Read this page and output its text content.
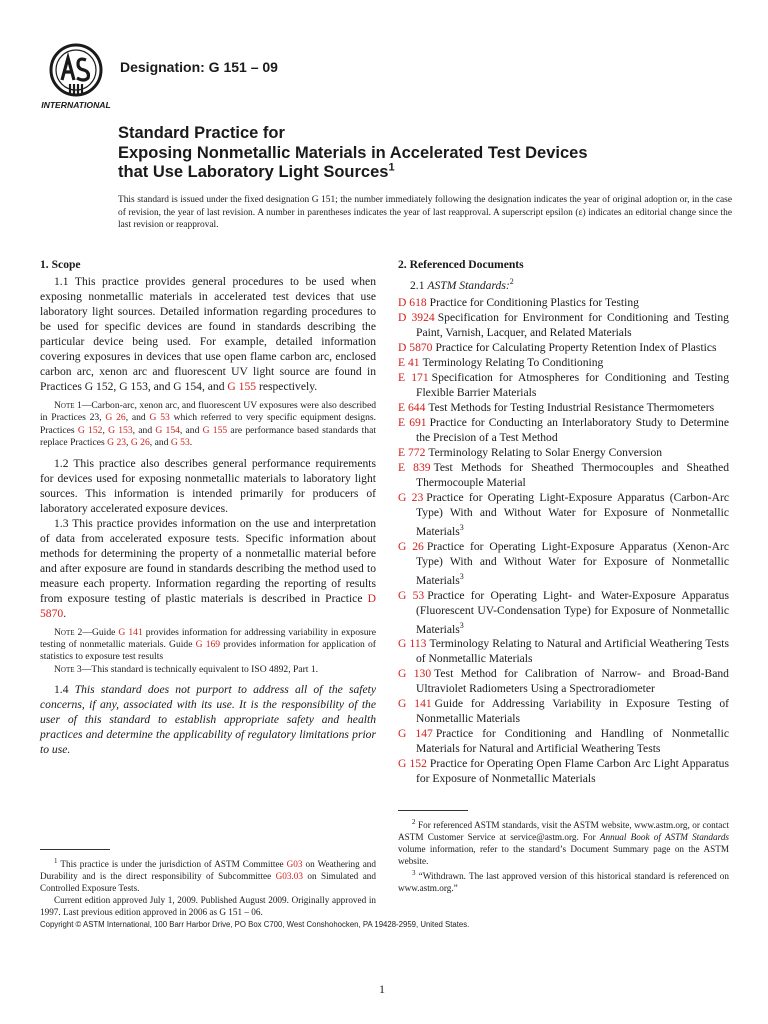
INTERNATIONAL
Designation: G 151 – 09
Standard Practice for
Exposing Nonmetallic Materials in Accelerated Test Devices
that Use Laboratory Light Sources$^1$
This standard is issued under the fixed designation G 151; the number immediately following the designation indicates the year of original adoption or, in the case of revision, the year of last revision. A number in parentheses indicates the year of last reapproval. A superscript epsilon (ε) indicates an editorial change since the last revision or reapproval.
1. Scope
1.1 This practice provides general procedures to be used when exposing nonmetallic materials in accelerated test devices that use laboratory light sources. Detailed information regarding procedures to be used for specific devices are found in standards describing the particular device being used. For example, detailed information covering exposures in devices that use open flame carbon arc, enclosed carbon arc, xenon arc and fluorescent UV light source are found in Practices G 152, G 153, and G 154, and G 155 respectively.
Note 1—Carbon-arc, xenon arc, and fluorescent UV exposures were also described in Practices 23, G 26, and G 53 which referred to very specific equipment designs. Practices G 152, G 153, and G 154, and G 155 are performance based standards that replace Practices G 23, G 26, and G 53.
1.2 This practice also describes general performance requirements for devices used for exposing nonmetallic materials to laboratory light sources. This information is intended primarily for producers of laboratory accelerated exposure devices.
1.3 This practice provides information on the use and interpretation of data from accelerated exposure tests. Specific information about methods for determining the property of a nonmetallic material before and after exposure are found in standards describing the method used to measure each property. Information regarding the reporting of results from exposure testing of plastic materials is described in Practice D 5870.
Note 2—Guide G 141 provides information for addressing variability in exposure testing of nonmetallic materials. Guide G 169 provides information for application of statistics to exposure test results
Note 3—This standard is technically equivalent to ISO 4892, Part 1.
1.4 This standard does not purport to address all of the safety concerns, if any, associated with its use. It is the responsibility of the user of this standard to establish appropriate safety and health practices and determine the applicability of regulatory limitations prior to use.
2. Referenced Documents
2.1 ASTM Standards:$^2$
D 618 Practice for Conditioning Plastics for Testing
D 3924 Specification for Environment for Conditioning and Testing Paint, Varnish, Lacquer, and Related Materials
D 5870 Practice for Calculating Property Retention Index of Plastics
E 41 Terminology Relating To Conditioning
E 171 Specification for Atmospheres for Conditioning and Testing Flexible Barrier Materials
E 644 Test Methods for Testing Industrial Resistance Thermometers
E 691 Practice for Conducting an Interlaboratory Study to Determine the Precision of a Test Method
E 772 Terminology Relating to Solar Energy Conversion
E 839 Test Methods for Sheathed Thermocouples and Sheathed Thermocouple Material
G 23 Practice for Operating Light-Exposure Apparatus (Carbon-Arc Type) With and Without Water for Exposure of Nonmetallic Materials$^3$
G 26 Practice for Operating Light-Exposure Apparatus (Xenon-Arc Type) With and Without Water for Exposure of Nonmetallic Materials$^3$
G 53 Practice for Operating Light- and Water-Exposure Apparatus (Fluorescent UV-Condensation Type) for Exposure of Nonmetallic Materials$^3$
G 113 Terminology Relating to Natural and Artificial Weathering Tests of Nonmetallic Materials
G 130 Test Method for Calibration of Narrow- and Broad-Band Ultraviolet Radiometers Using a Spectroradiometer
G 141 Guide for Addressing Variability in Exposure Testing of Nonmetallic Materials
G 147 Practice for Conditioning and Handling of Nonmetallic Materials for Natural and Artificial Weathering Tests
G 152 Practice for Operating Open Flame Carbon Arc Light Apparatus for Exposure of Nonmetallic Materials
$^1$ This practice is under the jurisdiction of ASTM Committee G03 on Weathering and Durability and is the direct responsibility of Subcommittee G03.03 on Simulated and Controlled Exposure Tests.
Current edition approved July 1, 2009. Published August 2009. Originally approved in 1997. Last previous edition approved in 2006 as G 151 – 06.
$^2$ For referenced ASTM standards, visit the ASTM website, www.astm.org, or contact ASTM Customer Service at service@astm.org. For Annual Book of ASTM Standards volume information, refer to the standard’s Document Summary page on the ASTM website.
$^3$ “Withdrawn. The last approved version of this historical standard is referenced on www.astm.org.”
Copyright © ASTM International, 100 Barr Harbor Drive, PO Box C700, West Conshohocken, PA 19428-2959, United States.
1
